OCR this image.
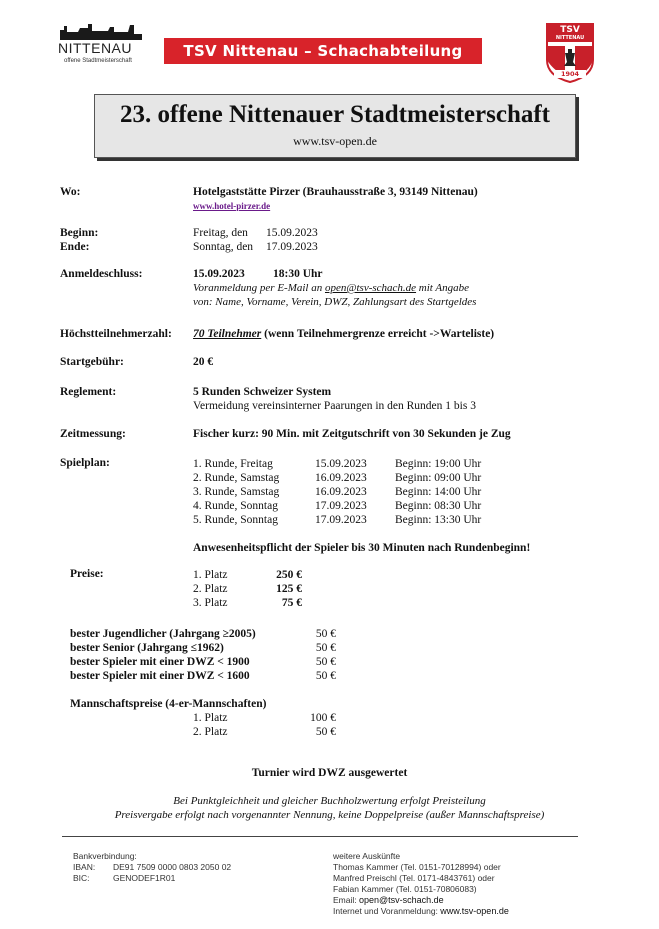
NITTENAU
offene Stadtmeisterschaft
TSV Nittenau – Schachabteilung
TSV
NITTENAU
1904
23. offene Nittenauer Stadtmeisterschaft
www.tsv-open.de
Wo:	Hotelgaststätte Pirzer (Brauhausstraße 3, 93149 Nittenau)
www.hotel-pirzer.de
Beginn:	Freitag, den 15.09.2023
Ende:	Sonntag, den 17.09.2023
Anmeldeschluss:	15.09.2023 18:30 Uhr
Voranmeldung per E-Mail an open@tsv-schach.de mit Angabe
von: Name, Vorname, Verein, DWZ, Zahlungsart des Startgeldes
Höchstteilnehmerzahl: 70 Teilnehmer (wenn Teilnehmergrenze erreicht ->Warteliste)
Startgebühr:	20 €
Reglement:	5 Runden Schweizer System
Vermeidung vereinsinterner Paarungen in den Runden 1 bis 3
Zeitmessung:	Fischer kurz: 90 Min. mit Zeitgutschrift von 30 Sekunden je Zug
Spielplan:	1. Runde, Freitag	15.09.2023 Beginn: 19:00 Uhr
2. Runde, Samstag	16.09.2023 Beginn: 09:00 Uhr
3. Runde, Samstag	16.09.2023 Beginn: 14:00 Uhr
4. Runde, Sonntag	17.09.2023 Beginn: 08:30 Uhr
5. Runde, Sonntag	17.09.2023 Beginn: 13:30 Uhr
Anwesenheitspflicht der Spieler bis 30 Minuten nach Rundenbeginn!
Preise:	1. Platz	250 €
2. Platz	125 €
3. Platz	75 €
bester Jugendlicher (Jahrgang ≥2005)	50 €
bester Senior (Jahrgang ≤1962)	50 €
bester Spieler mit einer DWZ < 1900	50 €
bester Spieler mit einer DWZ < 1600	50 €
Mannschaftspreise (4-er-Mannschaften)
1. Platz	100 €
2. Platz	50 €
Turnier wird DWZ ausgewertet
Bei Punktgleichheit und gleicher Buchholzwertung erfolgt Preisteilung
Preisvergabe erfolgt nach vorgenannter Nennung, keine Doppelpreise (außer Mannschaftspreise)
Bankverbindung:
IBAN: DE91 7509 0000 0803 2050 02
BIC:	GENODEF1R01
weitere Auskünfte
Thomas Kammer (Tel. 0151-70128994) oder
Manfred Preischl (Tel. 0171-4843761) oder
Fabian Kammer (Tel. 0151-70806083)
Email: open@tsv-schach.de
Internet und Voranmeldung: www.tsv-open.de
